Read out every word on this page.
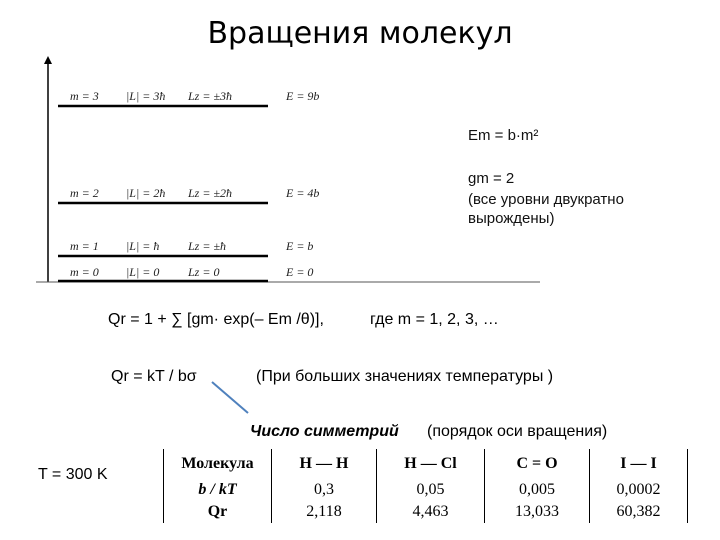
Вращения молекул
m = 3 |L| = 3ħ Lz = ±3ħ	E = 9b
m = 2 |L| = 2ħ Lz = ±2ħ	E = 4b
m = 1 |L| = ħ Lz = ±ħ	E = b
m = 0 |L| = 0 Lz = 0	E = 0
Em = b·m²
gm = 2
(все уровни двукратно
вырождены)
Qr = 1 + ∑ [gm· exp(– Em /θ)],	где m = 1, 2, 3, …
Qr = kT / bσ	(При больших значениях температуры )
Число симметрий (порядок оси вращения)
T = 300 K
Молекула	H — H	H — Cl	C = O	I — I
b / kT	0,3	0,05	0,005	0,0002
Qr	2,118	4,463	13,033	60,382
